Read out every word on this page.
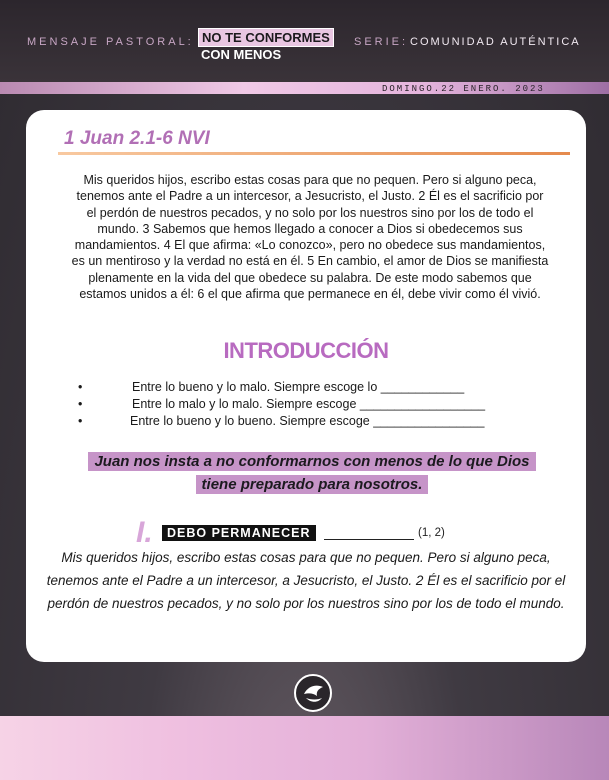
MENSAJE PASTORAL: NO TE CONFORMES
CON MENOS
SERIE: COMUNIDAD AUTÉNTICA
DOMINGO.22 ENERO. 2023
1 Juan 2.1-6 NVI
Mis queridos hijos, escribo estas cosas para que no pequen. Pero si alguno peca, tenemos ante el Padre a un intercesor, a Jesucristo, el Justo. 2 Él es el sacrificio por el perdón de nuestros pecados, y no solo por los nuestros sino por los de todo el mundo. 3 Sabemos que hemos llegado a conocer a Dios si obedecemos sus mandamientos. 4 El que afirma: «Lo conozco», pero no obedece sus mandamientos, es un mentiroso y la verdad no está en él. 5 En cambio, el amor de Dios se manifiesta plenamente en la vida del que obedece su palabra. De este modo sabemos que estamos unidos a él: 6 el que afirma que permanece en él, debe vivir como él vivió.
INTRODUCCIÓN
•	Entre lo bueno y lo malo. Siempre escoge lo ____________
•	Entre lo malo y lo malo. Siempre escoge __________________
•	Entre lo bueno y lo bueno. Siempre escoge ________________
Juan nos insta a no conformarnos con menos de lo que Dios tiene preparado para nosotros.
I.	DEBO PERMANECER	(1, 2)
Mis queridos hijos, escribo estas cosas para que no pequen. Pero si alguno peca, tenemos ante el Padre a un intercesor, a Jesucristo, el Justo. 2 Él es el sacrificio por el perdón de nuestros pecados, y no solo por los nuestros sino por los de todo el mundo.
